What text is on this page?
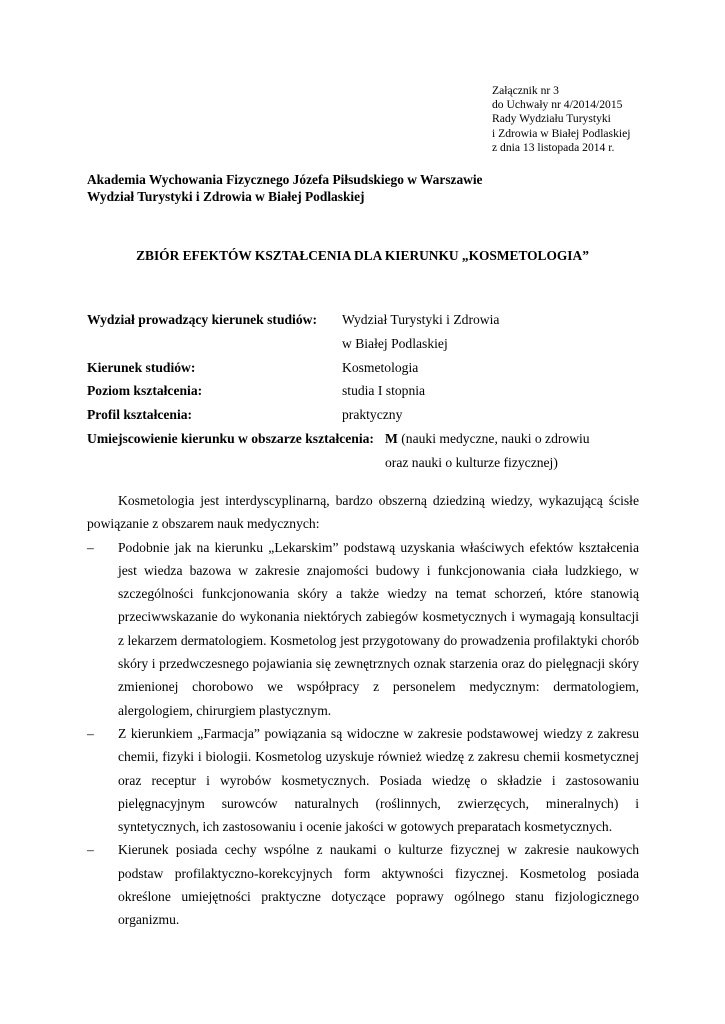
Załącznik nr 3
do Uchwały nr 4/2014/2015
Rady Wydziału Turystyki
i Zdrowia w Białej Podlaskiej
z dnia 13 listopada 2014 r.
Akademia Wychowania Fizycznego Józefa Piłsudskiego w Warszawie
Wydział Turystyki i Zdrowia w Białej Podlaskiej
ZBIÓR EFEKTÓW KSZTAŁCENIA DLA KIERUNKU „KOSMETOLOGIA”
Wydział prowadzący kierunek studiów: Wydział Turystyki i Zdrowia
w Białej Podlaskiej
Kierunek studiów:	Kosmetologia
Poziom kształcenia:	studia I stopnia
Profil kształcenia:	praktyczny
Umiejscowienie kierunku w obszarze kształcenia: M (nauki medyczne, nauki o zdrowiu
oraz nauki o kulturze fizycznej)

Kosmetologia jest interdyscyplinarną, bardzo obszerną dziedziną wiedzy, wykazującą ścisłe powiązanie z obszarem nauk medycznych:

– Podobnie jak na kierunku „Lekarskim” podstawą uzyskania właściwych efektów kształcenia jest wiedza bazowa w zakresie znajomości budowy i funkcjonowania ciała ludzkiego, w szczególności funkcjonowania skóry a także wiedzy na temat schorzeń, które stanowią przeciwwskazanie do wykonania niektórych zabiegów kosmetycznych i wymagają konsultacji z lekarzem dermatologiem. Kosmetolog jest przygotowany do prowadzenia profilaktyki chorób skóry i przedwczesnego pojawiania się zewnętrznych oznak starzenia oraz do pielęgnacji skóry zmienionej chorobowo we współpracy z personelem medycznym: dermatologiem, alergologiem, chirurgiem plastycznym.
– Z kierunkiem „Farmacja” powiązania są widoczne w zakresie podstawowej wiedzy z zakresu chemii, fizyki i biologii. Kosmetolog uzyskuje również wiedzę z zakresu chemii kosmetycznej oraz receptur i wyrobów kosmetycznych. Posiada wiedzę o składzie i zastosowaniu pielęgnacyjnym surowców naturalnych (roślinnych, zwierzęcych, mineralnych) i syntetycznych, ich zastosowaniu i ocenie jakości w gotowych preparatach kosmetycznych.
– Kierunek posiada cechy wspólne z naukami o kulturze fizycznej w zakresie naukowych podstaw profilaktyczno-korekcyjnych form aktywności fizycznej. Kosmetolog posiada określone umiejętności praktyczne dotyczące poprawy ogólnego stanu fizjologicznego organizmu.
